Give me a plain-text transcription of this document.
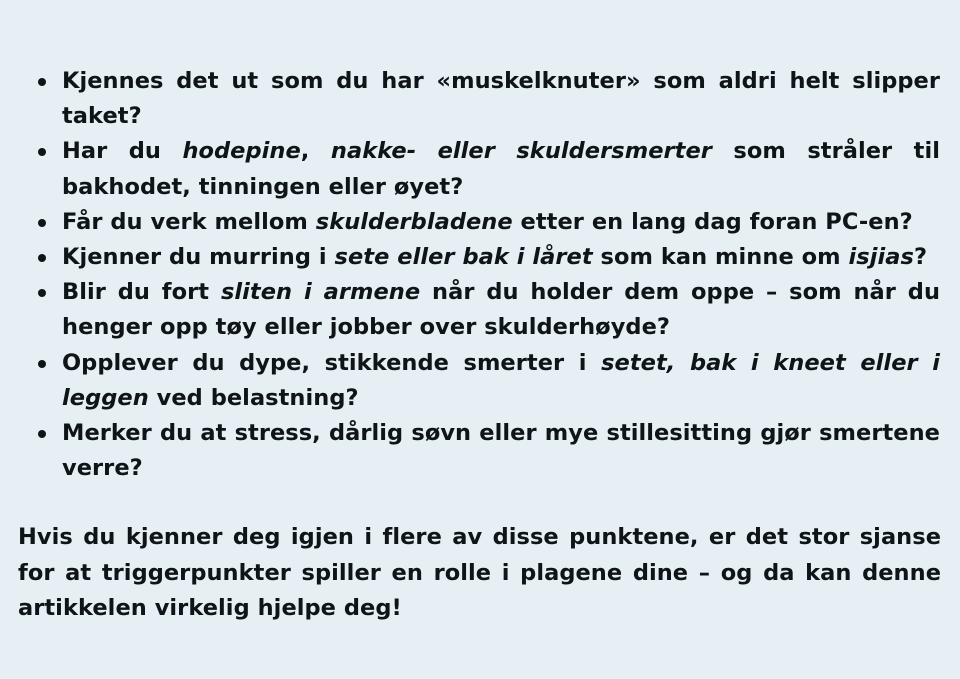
Kjennes det ut som du har «muskelknuter» som aldri helt slipper taket?
Har du hodepine, nakke- eller skuldersmerter som stråler til bakhodet, tinningen eller øyet?
Får du verk mellom skulderbladene etter en lang dag foran PC-en?
Kjenner du murring i sete eller bak i låret som kan minne om isjias?
Blir du fort sliten i armene når du holder dem oppe – som når du henger opp tøy eller jobber over skulderhøyde?
Opplever du dype, stikkende smerter i setet, bak i kneet eller i leggen ved belastning?
Merker du at stress, dårlig søvn eller mye stillesitting gjør smertene verre?

Hvis du kjenner deg igjen i flere av disse punktene, er det stor sjanse for at triggerpunkter spiller en rolle i plagene dine – og da kan denne artikkelen virkelig hjelpe deg!
